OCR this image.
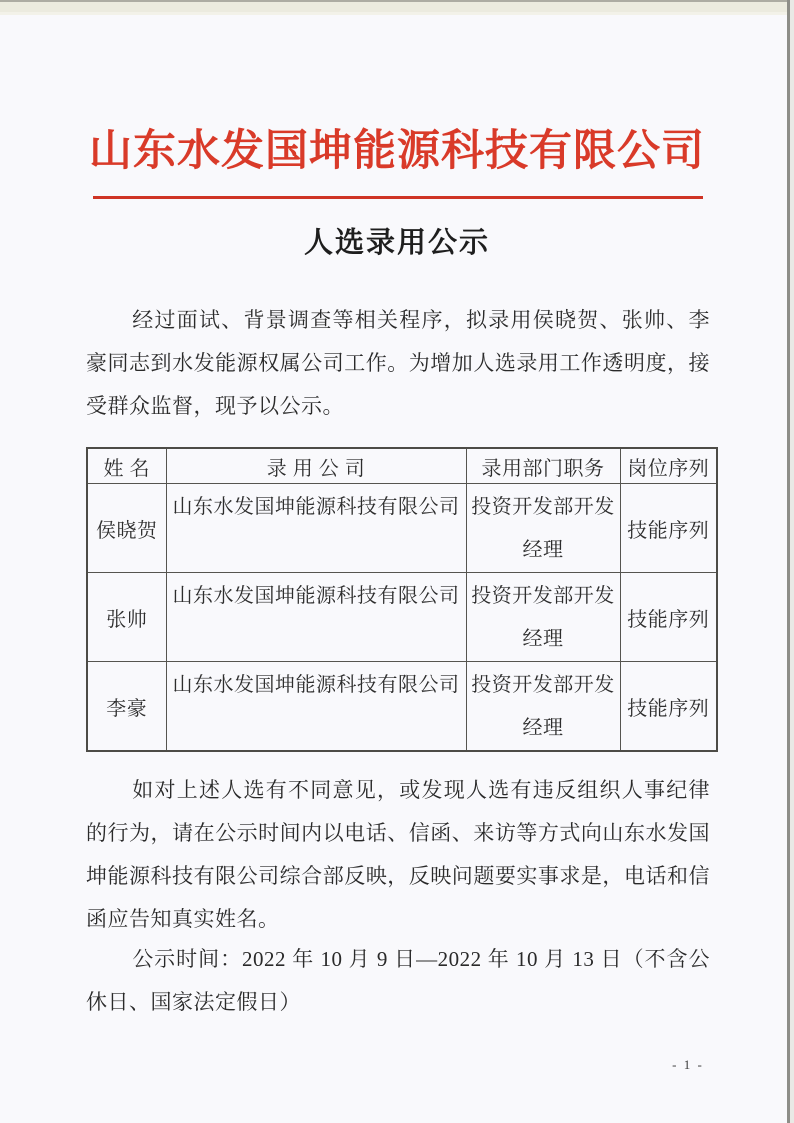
山东水发国坤能源科技有限公司
人选录用公示

经过面试、背景调查等相关程序，拟录用侯晓贺、张帅、李豪同志到水发能源权属公司工作。为增加人选录用工作透明度，接受群众监督，现予以公示。

姓 名	录 用 公 司	录用部门职务	岗位序列
侯晓贺	山东水发国坤能源科技有限公司	投资开发部开发经理	技能序列
张帅	山东水发国坤能源科技有限公司	投资开发部开发经理	技能序列
李豪	山东水发国坤能源科技有限公司	投资开发部开发经理	技能序列

如对上述人选有不同意见，或发现人选有违反组织人事纪律的行为，请在公示时间内以电话、信函、来访等方式向山东水发国坤能源科技有限公司综合部反映，反映问题要实事求是，电话和信函应告知真实姓名。

公示时间：2022 年 10 月 9 日—2022 年 10 月 13 日（不含公休日、国家法定假日）

- 1 -
